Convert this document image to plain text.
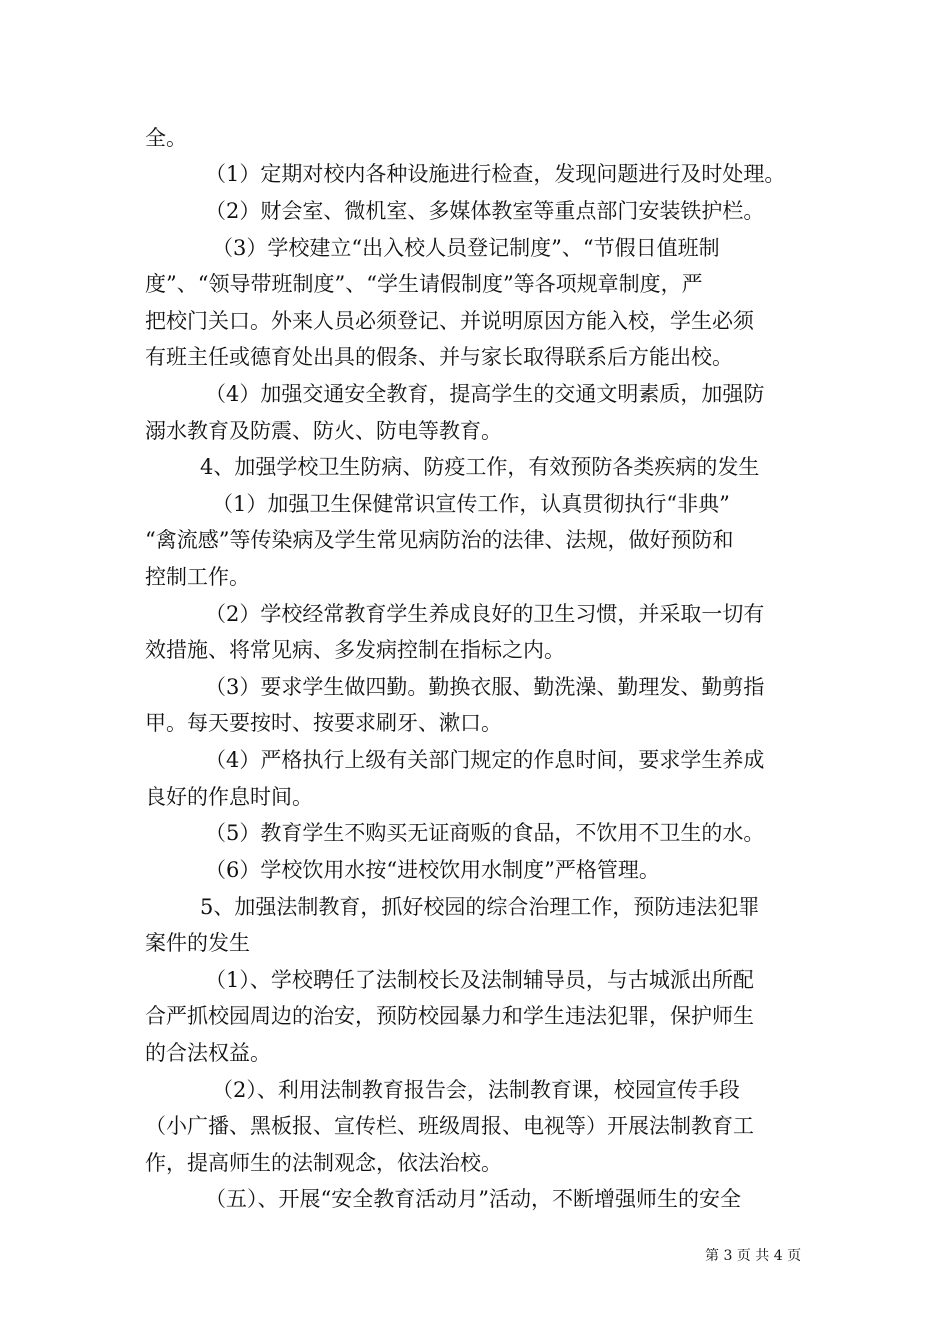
全。
（1）定期对校内各种设施进行检查，发现问题进行及时处理。
（2）财会室、微机室、多媒体教室等重点部门安装铁护栏。
（3）学校建立“出入校人员登记制度”、“节假日值班制
度”、“领导带班制度”、“学生请假制度”等各项规章制度，严
把校门关口。外来人员必须登记、并说明原因方能入校，学生必须
有班主任或德育处出具的假条、并与家长取得联系后方能出校。
（4）加强交通安全教育，提高学生的交通文明素质，加强防
溺水教育及防震、防火、防电等教育。
4、加强学校卫生防病、防疫工作，有效预防各类疾病的发生
（1）加强卫生保健常识宣传工作，认真贯彻执行“非典”
“禽流感”等传染病及学生常见病防治的法律、法规，做好预防和
控制工作。
（2）学校经常教育学生养成良好的卫生习惯，并采取一切有
效措施、将常见病、多发病控制在指标之内。
（3）要求学生做四勤。勤换衣服、勤洗澡、勤理发、勤剪指
甲。每天要按时、按要求刷牙、漱口。
（4）严格执行上级有关部门规定的作息时间，要求学生养成
良好的作息时间。
（5）教育学生不购买无证商贩的食品，不饮用不卫生的水。
（6）学校饮用水按“进校饮用水制度”严格管理。
5、加强法制教育，抓好校园的综合治理工作，预防违法犯罪
案件的发生
（1）、学校聘任了法制校长及法制辅导员，与古城派出所配
合严抓校园周边的治安，预防校园暴力和学生违法犯罪，保护师生
的合法权益。
（2）、利用法制教育报告会，法制教育课，校园宣传手段
（小广播、黑板报、宣传栏、班级周报、电视等）开展法制教育工
作，提高师生的法制观念，依法治校。
（五）、开展“安全教育活动月”活动，不断增强师生的安全
第 3 页 共 4 页
